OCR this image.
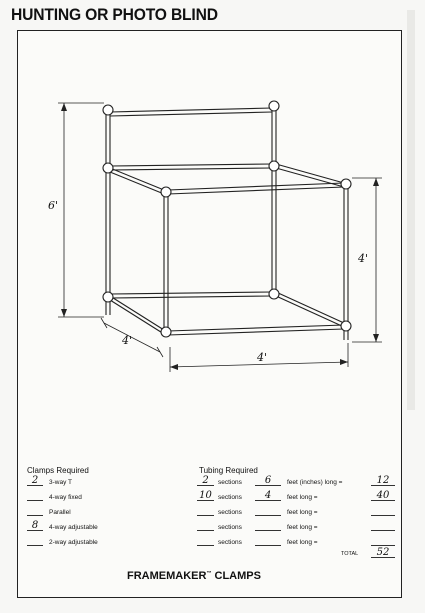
HUNTING OR PHOTO BLIND
6'
4'
4'
4'
Clamps Required
2	3-way T
4-way fixed
Parallel
8	4-way adjustable
2-way adjustable
Tubing Required
2	sections	6	feet (inches) long =	12
10 sections	4	feet long =	40
sections	feet long =
sections	feet long =
sections	feet long =
TOTAL	52
FRAMEMAKER™ CLAMPS
